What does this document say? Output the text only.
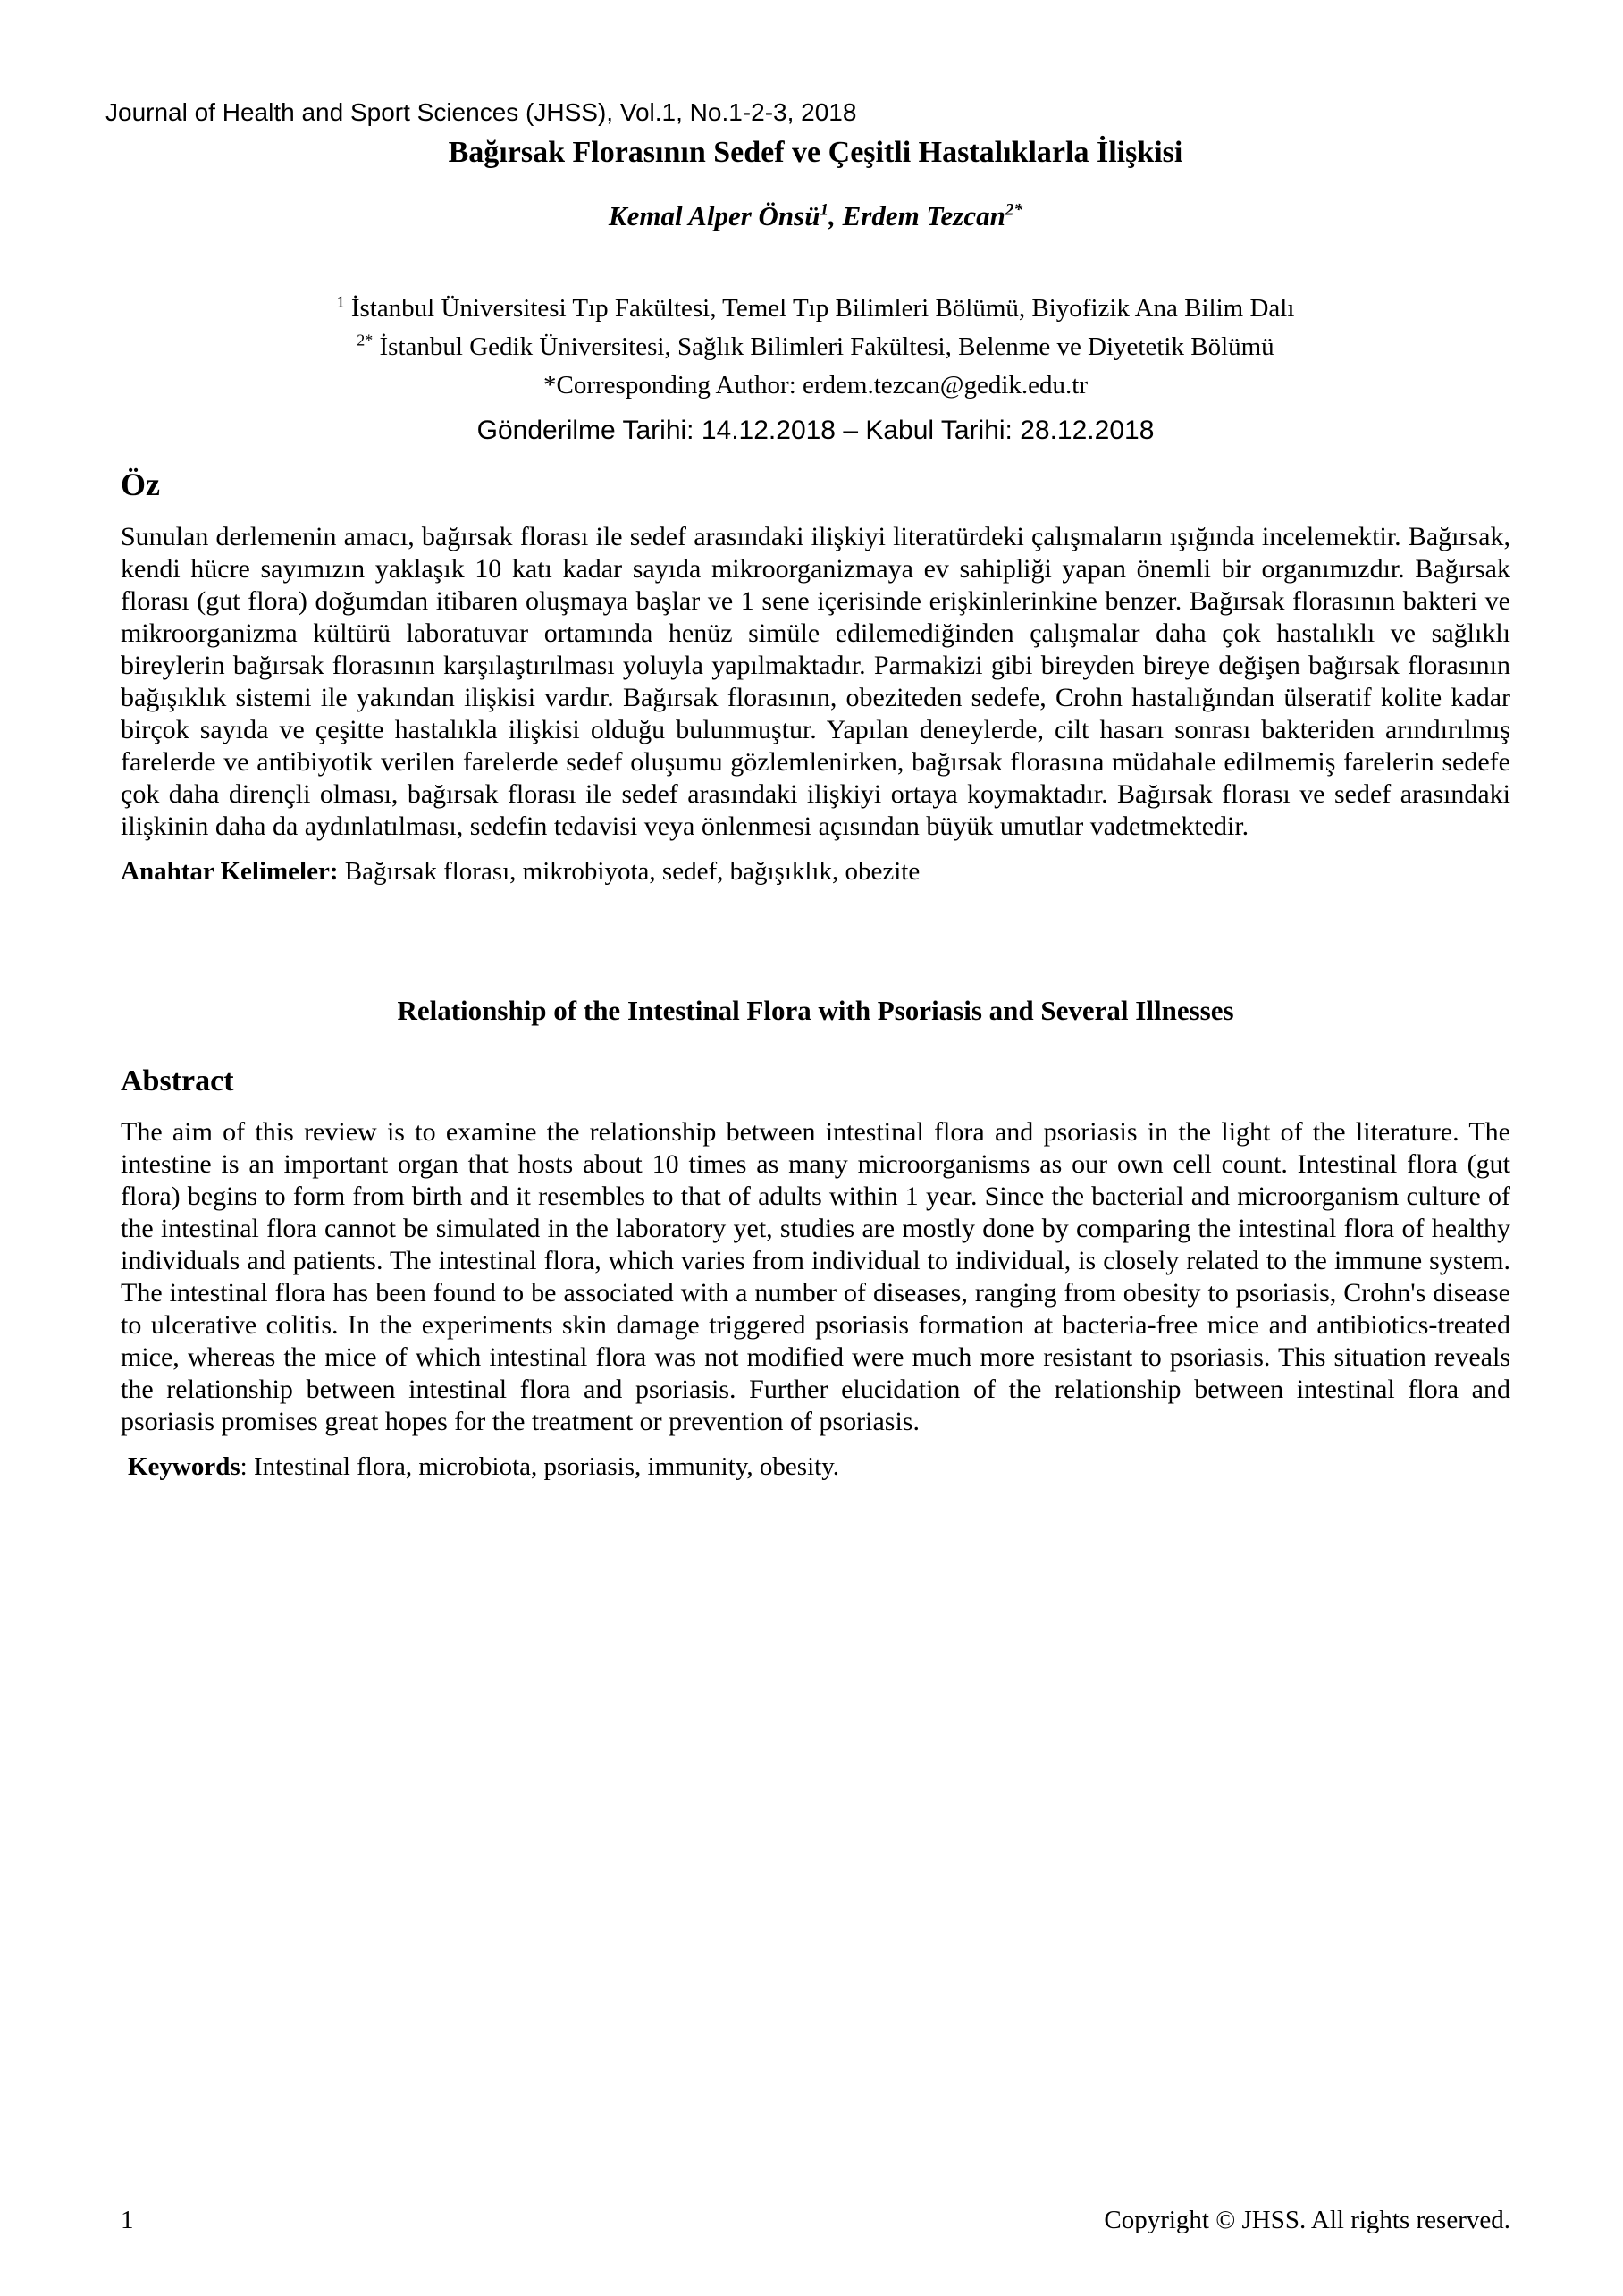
Journal of Health and Sport Sciences (JHSS), Vol.1, No.1-2-3, 2018
Bağırsak Florasının Sedef ve Çeşitli Hastalıklarla İlişkisi
Kemal Alper Önsü$^1$, Erdem Tezcan$^{2*}$
$^1$ İstanbul Üniversitesi Tıp Fakültesi, Temel Tıp Bilimleri Bölümü, Biyofizik Ana Bilim Dalı
$^{2*}$ İstanbul Gedik Üniversitesi, Sağlık Bilimleri Fakültesi, Belenme ve Diyetetik Bölümü
*Corresponding Author: erdem.tezcan@gedik.edu.tr
Gönderilme Tarihi: 14.12.2018 – Kabul Tarihi: 28.12.2018
Öz
Sunulan derlemenin amacı, bağırsak florası ile sedef arasındaki ilişkiyi literatürdeki çalışmaların ışığında incelemektir. Bağırsak, kendi hücre sayımızın yaklaşık 10 katı kadar sayıda mikroorganizmaya ev sahipliği yapan önemli bir organımızdır. Bağırsak florası (gut flora) doğumdan itibaren oluşmaya başlar ve 1 sene içerisinde erişkinlerinkine benzer. Bağırsak florasının bakteri ve mikroorganizma kültürü laboratuvar ortamında henüz simüle edilemediğinden çalışmalar daha çok hastalıklı ve sağlıklı bireylerin bağırsak florasının karşılaştırılması yoluyla yapılmaktadır. Parmakizi gibi bireyden bireye değişen bağırsak florasının bağışıklık sistemi ile yakından ilişkisi vardır. Bağırsak florasının, obeziteden sedefe, Crohn hastalığından ülseratif kolite kadar birçok sayıda ve çeşitte hastalıkla ilişkisi olduğu bulunmuştur. Yapılan deneylerde, cilt hasarı sonrası bakteriden arındırılmış farelerde ve antibiyotik verilen farelerde sedef oluşumu gözlemlenirken, bağırsak florasına müdahale edilmemiş farelerin sedefe çok daha dirençli olması, bağırsak florası ile sedef arasındaki ilişkiyi ortaya koymaktadır. Bağırsak florası ve sedef arasındaki ilişkinin daha da aydınlatılması, sedefin tedavisi veya önlenmesi açısından büyük umutlar vadetmektedir.
Anahtar Kelimeler: Bağırsak florası, mikrobiyota, sedef, bağışıklık, obezite
Relationship of the Intestinal Flora with Psoriasis and Several Illnesses
Abstract
The aim of this review is to examine the relationship between intestinal flora and psoriasis in the light of the literature. The intestine is an important organ that hosts about 10 times as many microorganisms as our own cell count. Intestinal flora (gut flora) begins to form from birth and it resembles to that of adults within 1 year. Since the bacterial and microorganism culture of the intestinal flora cannot be simulated in the laboratory yet, studies are mostly done by comparing the intestinal flora of healthy individuals and patients. The intestinal flora, which varies from individual to individual, is closely related to the immune system. The intestinal flora has been found to be associated with a number of diseases, ranging from obesity to psoriasis, Crohn's disease to ulcerative colitis. In the experiments skin damage triggered psoriasis formation at bacteria-free mice and antibiotics-treated mice, whereas the mice of which intestinal flora was not modified were much more resistant to psoriasis. This situation reveals the relationship between intestinal flora and psoriasis. Further elucidation of the relationship between intestinal flora and psoriasis promises great hopes for the treatment or prevention of psoriasis.
Keywords: Intestinal flora, microbiota, psoriasis, immunity, obesity.
1	Copyright © JHSS. All rights reserved.
